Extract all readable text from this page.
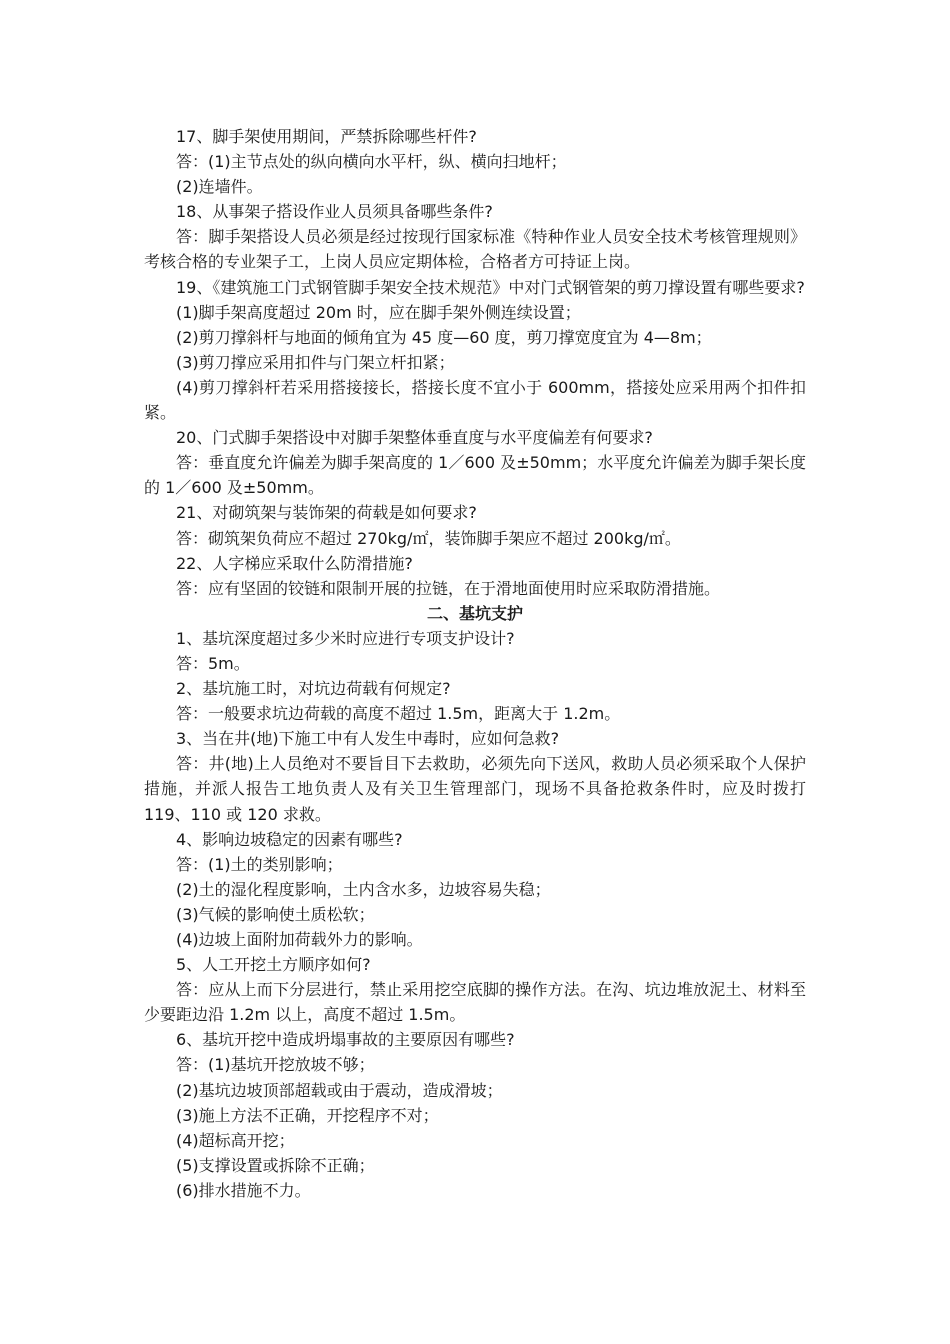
17、脚手架使用期间，严禁拆除哪些杆件?

答：(1)主节点处的纵向横向水平杆，纵、横向扫地杆；

(2)连墙件。

18、从事架子搭设作业人员须具备哪些条件?

答：脚手架搭设人员必须是经过按现行国家标准《特种作业人员安全技术考核管理规则》考核合格的专业架子工，上岗人员应定期体检，合格者方可持证上岗。

19、《建筑施工门式钢管脚手架安全技术规范》中对门式钢管架的剪刀撑设置有哪些要求?

(1)脚手架高度超过 20m 时，应在脚手架外侧连续设置；

(2)剪刀撑斜杆与地面的倾角宜为 45 度—60 度，剪刀撑宽度宜为 4—8m；

(3)剪刀撑应采用扣件与门架立杆扣紧；

(4)剪刀撑斜杆若采用搭接接长，搭接长度不宜小于 600mm，搭接处应采用两个扣件扣紧。

20、门式脚手架搭设中对脚手架整体垂直度与水平度偏差有何要求?

答：垂直度允许偏差为脚手架高度的 1／600 及±50mm；水平度允许偏差为脚手架长度的 1／600 及±50mm。

21、对砌筑架与装饰架的荷载是如何要求?

答：砌筑架负荷应不超过 270kg/㎡，装饰脚手架应不超过 200kg/㎡。

22、人字梯应采取什么防滑措施?

答：应有坚固的铰链和限制开展的拉链，在于滑地面使用时应采取防滑措施。

二、基坑支护

1、基坑深度超过多少米时应进行专项支护设计?

答：5m。

2、基坑施工时，对坑边荷载有何规定?

答：一般要求坑边荷载的高度不超过 1.5m，距离大于 1.2m。

3、当在井(地)下施工中有人发生中毒时，应如何急救?

答：井(地)上人员绝对不要旨目下去救助，必须先向下送风，救助人员必须采取个人保护措施，并派人报告工地负责人及有关卫生管理部门，现场不具备抢救条件时，应及时拨打 119、110 或 120 求救。

4、影响边坡稳定的因素有哪些?

答：(1)土的类别影响；

(2)土的湿化程度影响，土内含水多，边坡容易失稳；

(3)气候的影响使土质松软；

(4)边坡上面附加荷载外力的影响。

5、人工开挖土方顺序如何?

答：应从上而下分层进行，禁止采用挖空底脚的操作方法。在沟、坑边堆放泥土、材料至少要距边沿 1.2m 以上，高度不超过 1.5m。

6、基坑开挖中造成坍塌事故的主要原因有哪些?

答：(1)基坑开挖放坡不够；

(2)基坑边坡顶部超载或由于震动，造成滑坡；

(3)施上方法不正确，开挖程序不对；

(4)超标高开挖；

(5)支撑设置或拆除不正确；

(6)排水措施不力。
